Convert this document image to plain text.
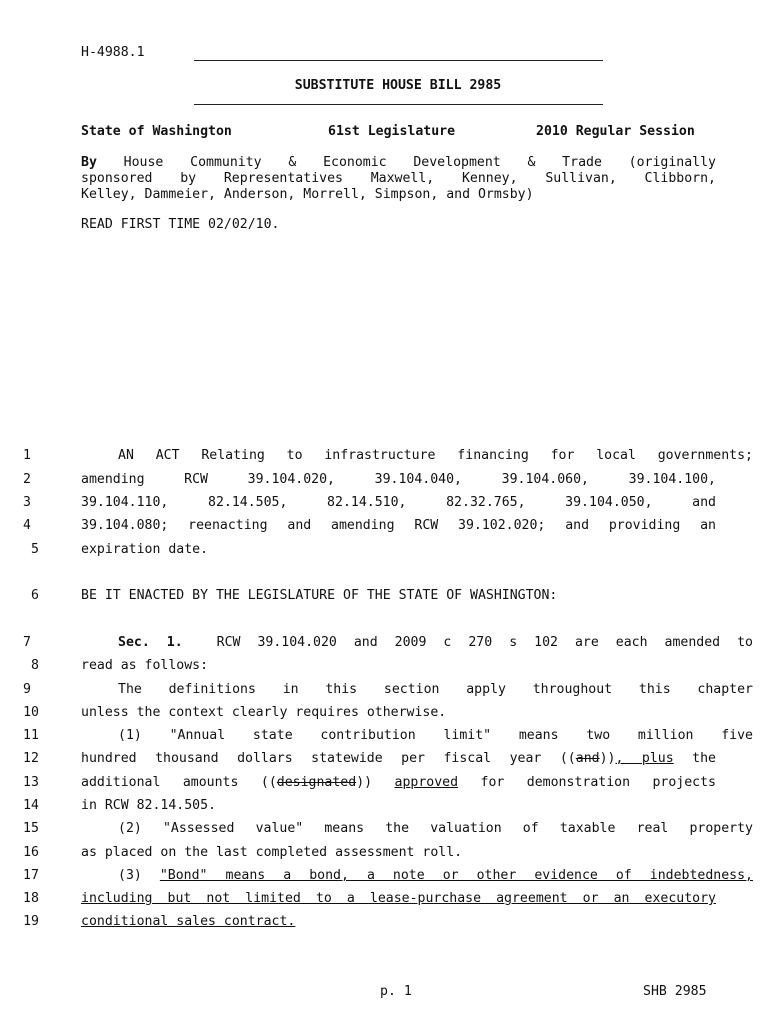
H-4988.1
SUBSTITUTE HOUSE BILL 2985
State of Washington	61st Legislature	2010 Regular Session
By House Community & Economic Development & Trade (originally
sponsored by Representatives Maxwell, Kenney, Sullivan, Clibborn,
Kelley, Dammeier, Anderson, Morrell, Simpson, and Ormsby)
READ FIRST TIME 02/02/10.
1	AN ACT Relating to infrastructure financing for local governments;
2	amending RCW 39.104.020, 39.104.040, 39.104.060, 39.104.100,
3	39.104.110, 82.14.505, 82.14.510, 82.32.765, 39.104.050, and
4	39.104.080; reenacting and amending RCW 39.102.020; and providing an
5	expiration date.
6	BE IT ENACTED BY THE LEGISLATURE OF THE STATE OF WASHINGTON:
7	Sec. 1.	RCW 39.104.020 and 2009 c 270 s 102 are each amended to
8	read as follows:
9	The definitions in this section apply throughout this chapter
10	unless the context clearly requires otherwise.
11	(1) "Annual state contribution limit" means two million five
12	hundred thousand dollars statewide per fiscal year ((and)), plus the
13	additional amounts ((designated)) approved for demonstration projects
14	in RCW 82.14.505.
15	(2) "Assessed value" means the valuation of taxable real property
16	as placed on the last completed assessment roll.
17	(3) "Bond" means a bond, a note or other evidence of indebtedness,
18	including but not limited to a lease-purchase agreement or an executory
19	conditional sales contract.
p. 1	SHB 2985
